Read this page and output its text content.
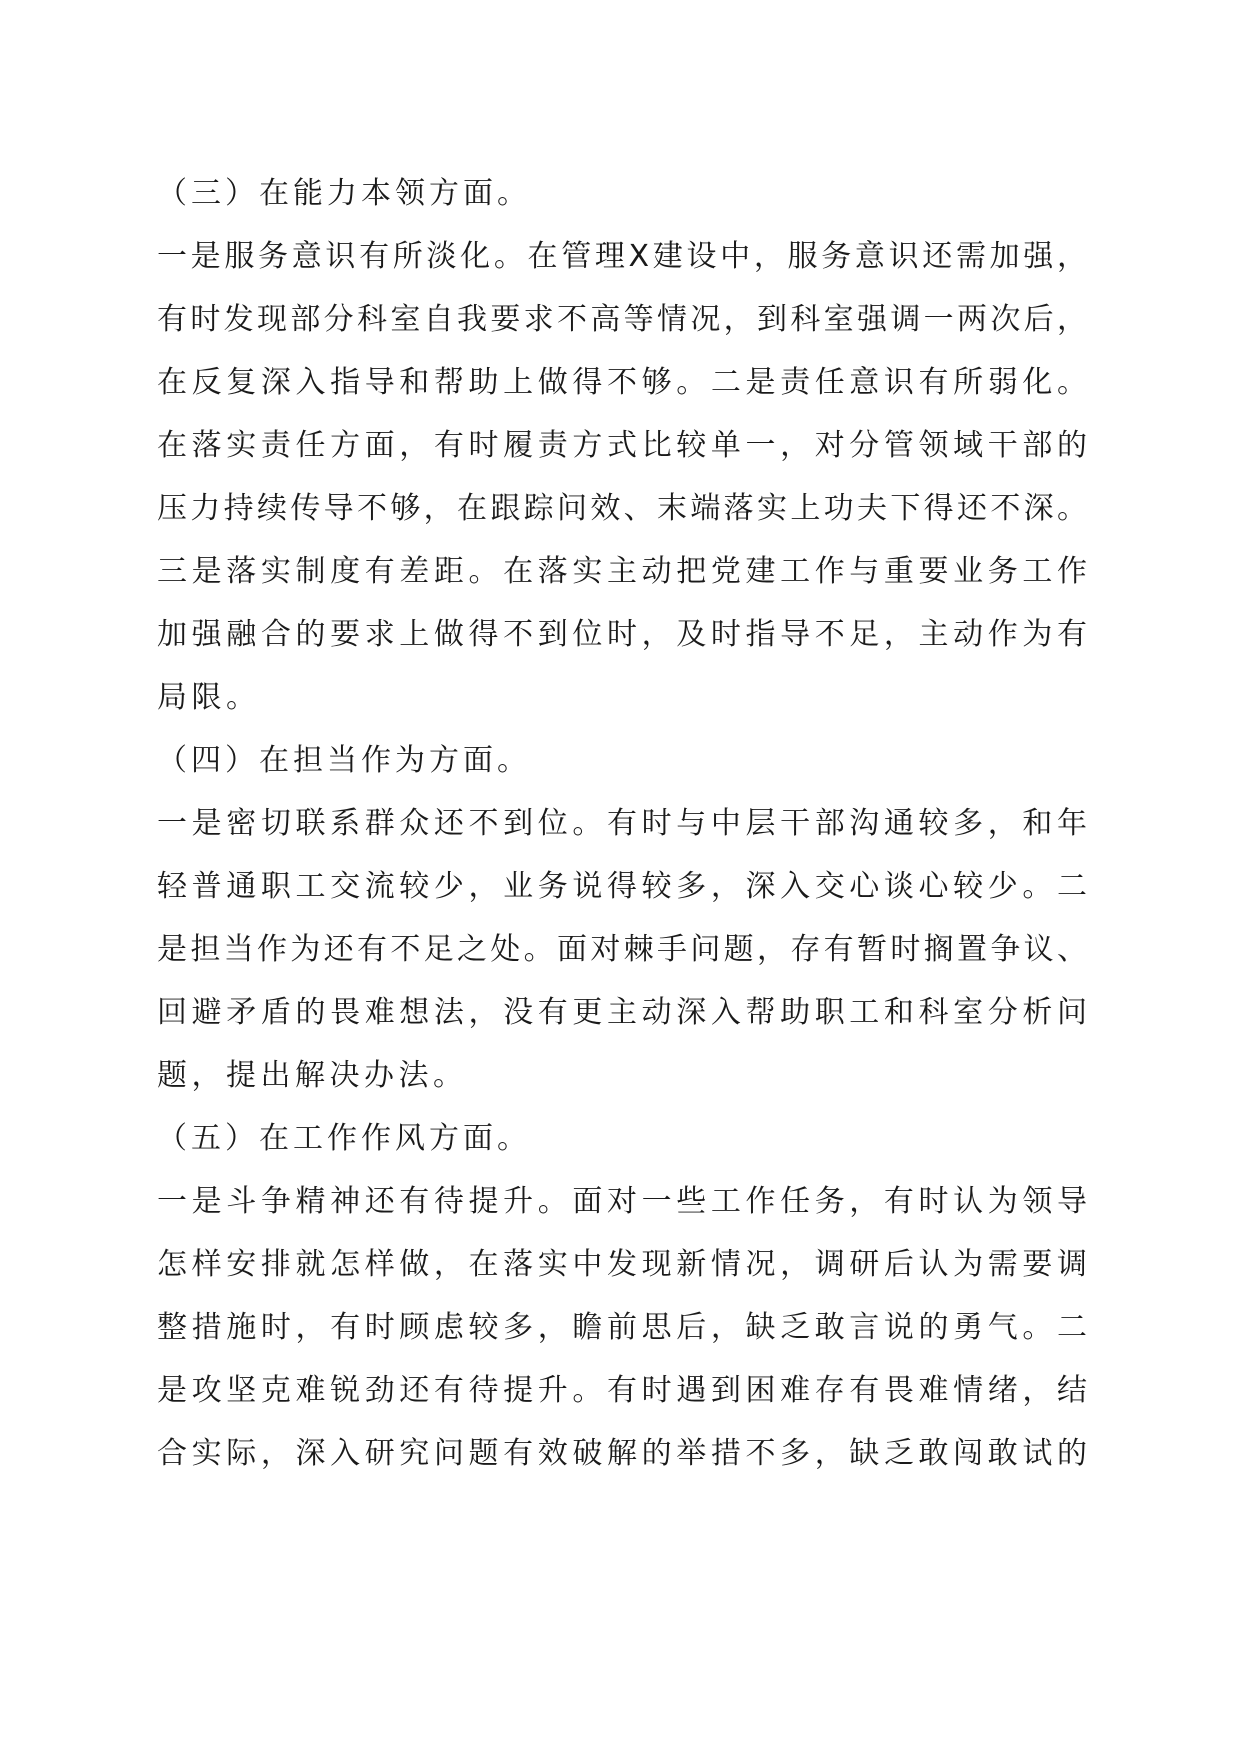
（三）在能力本领方面。
一是服务意识有所淡化。在管理X建设中，服务意识还需加强，
有时发现部分科室自我要求不高等情况，到科室强调一两次后，
在反复深入指导和帮助上做得不够。二是责任意识有所弱化。
在落实责任方面，有时履责方式比较单一，对分管领域干部的
压力持续传导不够，在跟踪问效、末端落实上功夫下得还不深。
三是落实制度有差距。在落实主动把党建工作与重要业务工作
加强融合的要求上做得不到位时，及时指导不足，主动作为有
局限。
（四）在担当作为方面。
一是密切联系群众还不到位。有时与中层干部沟通较多，和年
轻普通职工交流较少，业务说得较多，深入交心谈心较少。二
是担当作为还有不足之处。面对棘手问题，存有暂时搁置争议、
回避矛盾的畏难想法，没有更主动深入帮助职工和科室分析问
题，提出解决办法。
（五）在工作作风方面。
一是斗争精神还有待提升。面对一些工作任务，有时认为领导
怎样安排就怎样做，在落实中发现新情况，调研后认为需要调
整措施时，有时顾虑较多，瞻前思后，缺乏敢言说的勇气。二
是攻坚克难锐劲还有待提升。有时遇到困难存有畏难情绪，结
合实际，深入研究问题有效破解的举措不多，缺乏敢闯敢试的
